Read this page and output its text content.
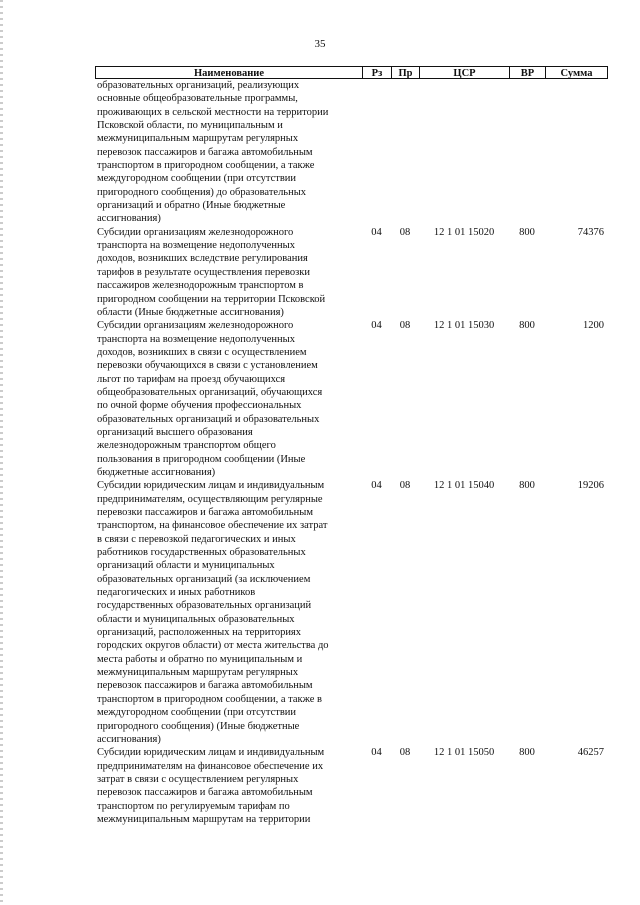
35
Наименование	Рз	Пр	ЦСР	ВР	Сумма
образовательных организаций, реализующих
основные общеобразовательные программы,
проживающих в сельской местности на территории
Псковской области, по муниципальным и
межмуниципальным маршрутам регулярных
перевозок пассажиров и багажа автомобильным
транспортом в пригородном сообщении, а также
междугородном сообщении (при отсутствии
пригородного сообщения) до образовательных
организаций и обратно (Иные бюджетные
ассигнования)
Субсидии организациям железнодорожного
транспорта на возмещение недополученных
доходов, возникших вследствие регулирования
тарифов в результате осуществления перевозки
пассажиров железнодорожным транспортом в
пригородном сообщении на территории Псковской
области (Иные бюджетные ассигнования)
04	08	12 1 01 15020	800	74376
Субсидии организациям железнодорожного
транспорта на возмещение недополученных
доходов, возникших в связи с осуществлением
перевозки обучающихся в связи с установлением
льгот по тарифам на проезд обучающихся
общеобразовательных организаций, обучающихся
по очной форме обучения профессиональных
образовательных организаций и образовательных
организаций высшего образования
железнодорожным транспортом общего
пользования в пригородном сообщении (Иные
бюджетные ассигнования)
04	08	12 1 01 15030	800	1200
Субсидии юридическим лицам и индивидуальным
предпринимателям, осуществляющим регулярные
перевозки пассажиров и багажа автомобильным
транспортом, на финансовое обеспечение их затрат
в связи с перевозкой педагогических и иных
работников государственных образовательных
организаций области и муниципальных
образовательных организаций (за исключением
педагогических и иных работников
государственных образовательных организаций
области и муниципальных образовательных
организаций, расположенных на территориях
городских округов области) от места жительства до
места работы и обратно по муниципальным и
межмуниципальным маршрутам регулярных
перевозок пассажиров и багажа автомобильным
транспортом в пригородном сообщении, а также в
междугородном сообщении (при отсутствии
пригородного сообщения) (Иные бюджетные
ассигнования)
04	08	12 1 01 15040	800	19206
Субсидии юридическим лицам и индивидуальным
предпринимателям на финансовое обеспечение их
затрат в связи с осуществлением регулярных
перевозок пассажиров и багажа автомобильным
транспортом по регулируемым тарифам по
межмуниципальным маршрутам на территории
04	08	12 1 01 15050	800	46257
